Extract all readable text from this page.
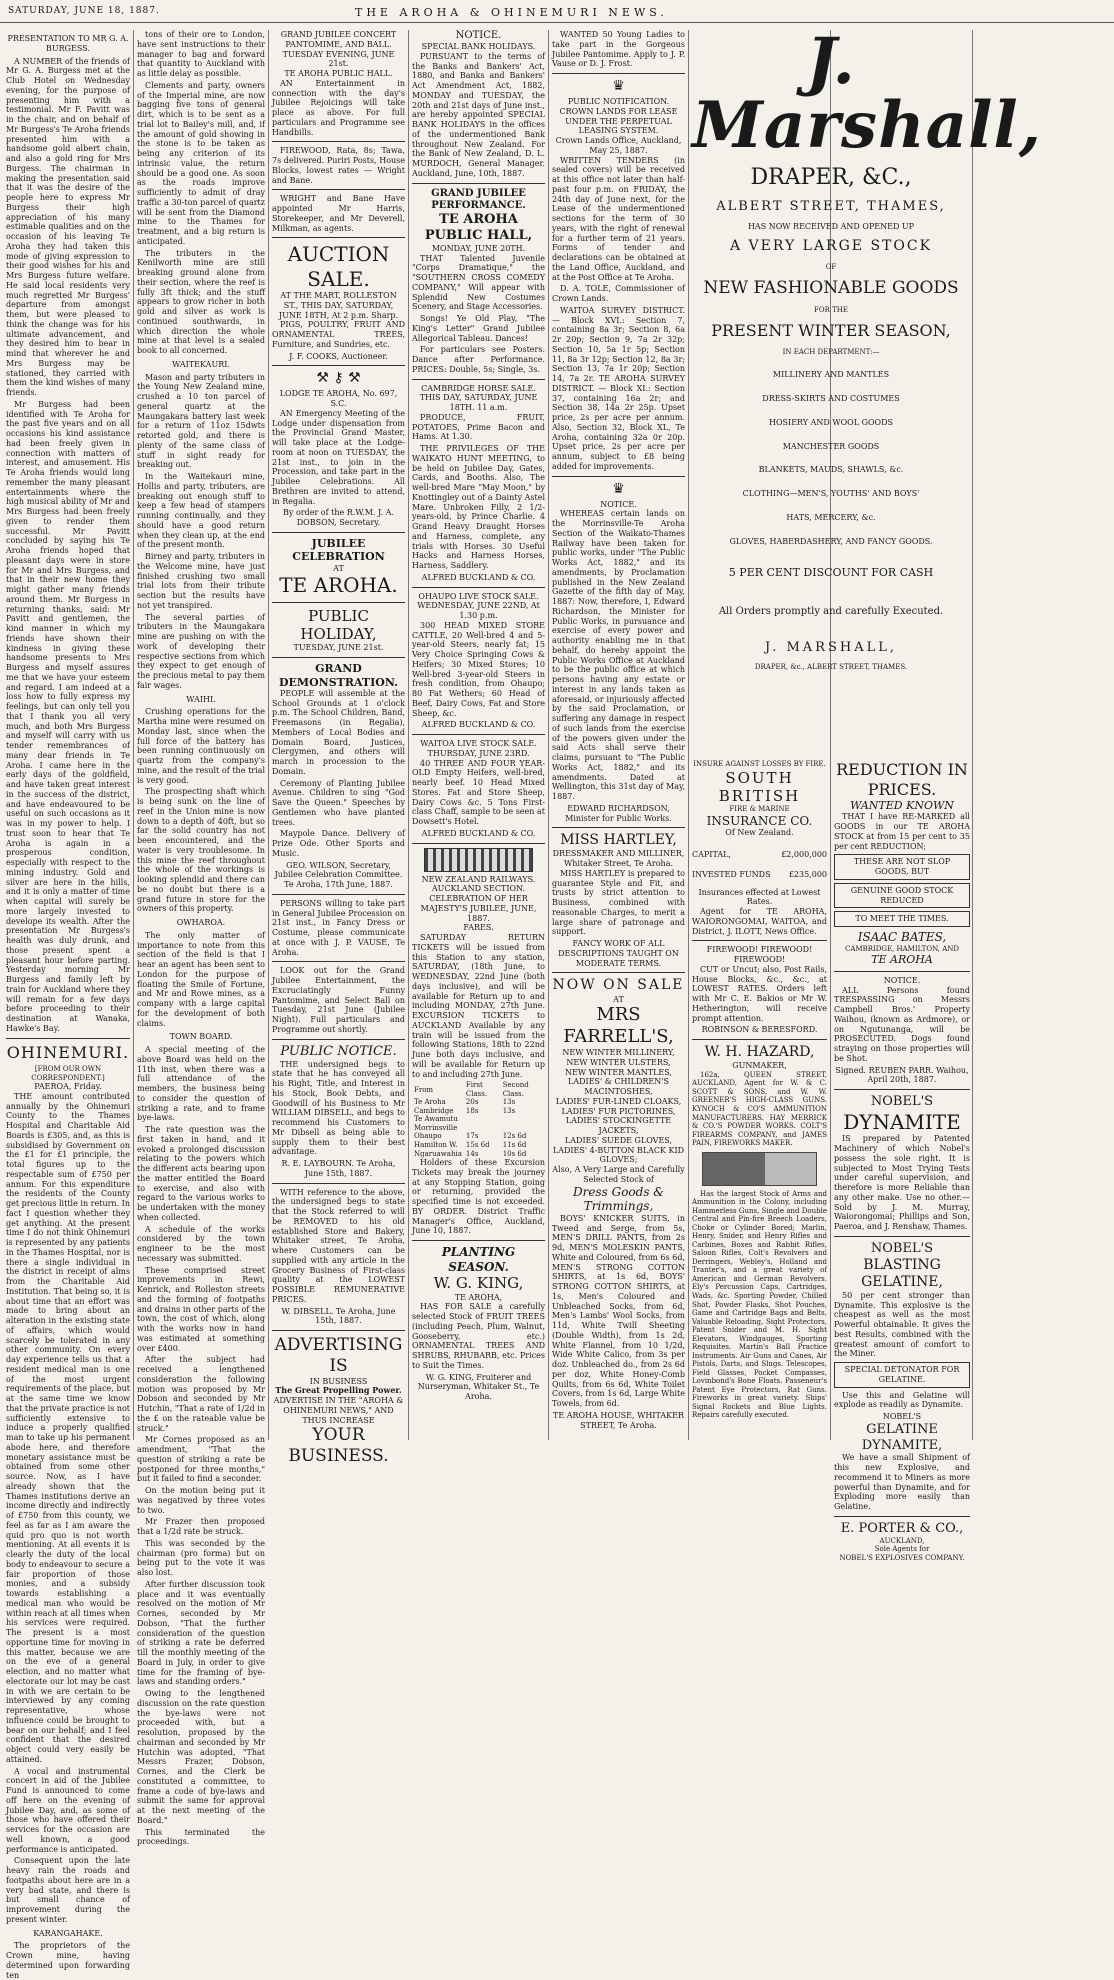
SATURDAY, JUNE 18, 1887.	THE AROHA & OHINEMURI NEWS.
PRESENTATION TO MR G. A. BURGESS.

A NUMBER of the friends of Mr G. A. Burgess met at the Club Hotel on Wednesday evening, for the purpose of presenting him with a testimonial. Mr F. Pavitt was in the chair, and on behalf of Mr Burgess's Te Aroha friends presented him with a handsome gold albert chain, and also a gold ring for Mrs Burgess. The chairman in making the presentation said that it was the desire of the people here to express Mr Burgess their high appreciation of his many estimable qualities and on the occasion of his leaving Te Aroha they had taken this mode of giving expression to their good wishes for his and Mrs Burgess future welfare. He said local residents very much regretted Mr Burgess' departure from amongst them, but were pleased to think the change was for his ultimate advancement, and they desired him to bear in mind that wherever he and Mrs Burgess may be stationed, they carried with them the kind wishes of many friends.

Mr Burgess had been identified with Te Aroha for the past five years and on all occasions his kind assistance had been freely given in connection with matters of interest, and amusement. His Te Aroha friends would long remember the many pleasant entertainments where the high musical ability of Mr and Mrs Burgess had been freely given to render them successful. Mr Pavitt concluded by saying his Te Aroha friends hoped that pleasant days were in store for Mr and Mrs Burgess, and that in their new home they might gather many friends around them. Mr Burgess in returning thanks, said: Mr Pavitt and gentlemen, the kind manner in which my friends have shown their kindness in giving these handsome presents to Mrs Burgess and myself assures me that we have your esteem and regard. I am indeed at a loss how to fully express my feelings, but can only tell you that I thank you all very much, and both Mrs Burgess and myself will carry with us tender remembrances of many dear friends in Te Aroha. I came here in the early days of the goldfield, and have taken great interest in the success of the district, and have endeavoured to be useful on such occasions as it was in my power to help. I trust soon to hear that Te Aroha is again in a prosperous condition, especially with respect to the mining industry. Gold and silver are here in the hills, and it is only a matter of time when capital will surely be more largely invested to develope its wealth. After the presentation Mr Burgess's health was duly drunk, and those present spent a pleasant hour before parting. Yesterday morning Mr Burgess and family left by train for Auckland where they will remain for a few days before proceeding to their destination at Wanaka, Hawke's Bay.

OHINEMURI.
[FROM OUR OWN CORRESPONDENT.]
PAEROA, Friday.

THE amount contributed annually by the Ohinemuri County to the Thames Hospital and Charitable Aid Boards is £305, and, as this is subsidised by Government on the £1 for £1 principle, the total figures up to the respectable sum of £750 per annum. For this expenditure the residents of the County get precious little in return. In fact I question whether they get anything. At the present time I do not think Ohinemuri is represented by any patients in the Thames Hospital, nor is there a single individual in the district in receipt of alms from the Charitable Aid Institution. That being so, it is about time that an effort was made to bring about an alteration in the existing state of affairs, which would scarcely be tolerated in any other community. On every day experience tells us that a resident medical man is one of the most urgent requirements of the place, but at the same time we know that the private practice is not sufficiently extensive to induce a properly qualified man to take up his permanent abode here, and therefore monetary assistance must be obtained from some other source. Now, as I have already shown that the Thames institutions derive an income directly and indirectly of £750 from this county, we feel as far as I am aware the quid pro quo is not worth mentioning. At all events it is clearly the duty of the local body to endeavour to secure a fair proportion of those monies, and a subsidy towards establishing a medical man who would be within reach at all times when his services were required. The present is a most opportune time for moving in this matter, because we are on the eve of a general election, and no matter what electorate our lot may be cast in with we are certain to be interviewed by any coming representative, whose influence could be brought to bear on our behalf; and I feel confident that the desired object could very easily be attained.

A vocal and instrumental concert in aid of the Jubilee Fund is announced to come off here on the evening of Jubilee Day, and, as some of those who have offered their services for the occasion are well known, a good performance is anticipated.

Consequent upon the late heavy rain the roads and footpaths about here are in a very bad state, and there is but small chance of improvement during the present winter.

KARANGAHAKE.

The proprietors of the Crown mine, having determined upon forwarding ten

tons of their ore to London, have sent instructions to their manager to bag and forward that quantity to Auckland with as little delay as possible.

Clements and party, owners of the Imperial mine, are now bagging five tons of general dirt, which is to be sent as a trial lot to Bailey's mill, and, if the amount of gold showing in the stone is to be taken as being any criterion of its intrinsic value, the return should be a good one. As soon as the roads improve sufficiently to admit of dray traffic a 30-ton parcel of quartz will be sent from the Diamond mine to the Thames for treatment, and a big return is anticipated.

The tributers in the Kenilworth mine are still breaking ground alone from their section, where the reef is fully 3ft thick; and the stuff appears to grow richer in both gold and silver as work is continued southwards, in which direction the whole mine at that level is a sealed book to all concerned.

WAITEKAURI.

Mason and party tributers in the Young New Zealand mine, crushed a 10 ton parcel of general quartz at the Maungakara battery last week for a return of 11oz 15dwts retorted gold, and there is plenty of the same class of stuff in sight ready for breaking out.

In the Waitekauri mine, Hollis and party, tributers, are breaking out enough stuff to keep a few head of stampers running continually, and they should have a good return when they clean up, at the end of the present month.

Birney and party, tributers in the Welcome mine, have just finished crushing two small trial lots from their tribute section but the results have not yet transpired.

The several parties of tributers in the Maungakara mine are pushing on with the work of developing their respective sections from which they expect to get enough of the precious metal to pay them fair wages.

WAIHI.

Crushing operations for the Martha mine were resumed on Monday last, since when the full force of the battery has been running continuously on quartz from the company's mine, and the result of the trial is very good.

The prospecting shaft which is being sunk on the line of reef in the Union mine is now down to a depth of 40ft, but so far the solid country has not been encountered, and the water is very troublesome. In this mine the reef throughout the whole of the workings is looking splendid and there can be no doubt but there is a grand future in store for the owners of this property.

OWHAROA.

The only matter of importance to note from this section of the field is that I hear an agent has been sent to London for the purpose of floating the Smile of Fortune, and Mr and Rowe mines, as a company with a large capital for the development of both claims.

TOWN BOARD.

A special meeting of the above Board was held on the 11th inst, when there was a full attendance of the members, the business being to consider the question of striking a rate, and to frame bye-laws.

The rate question was the first taken in hand, and it evoked a prolonged discussion relating to the powers which the different acts bearing upon the matter entitled the Board to exercise, and also with regard to the various works to be undertaken with the money when collected.

A schedule of the works considered by the town engineer to be the most necessary was submitted.

These comprised street improvements in Rewi, Kenrick, and Rolleston streets and the forming of footpaths and drains in other parts of the town, the cost of which, along with the works now in hand was estimated at something over £400.

After the subject had received a lengthened consideration the following motion was proposed by Mr Dobson and seconded by Mr Hutchin, "That a rate of 1/2d in the £ on the rateable value be struck."

Mr Cornes proposed as an amendment, "That the question of striking a rate be postponed for three months," but it failed to find a seconder.

On the motion being put it was negatived by three votes to two.

Mr Frazer then proposed that a 1/2d rate be struck.

This was seconded by the chairman (pro forma) but on being put to the vote it was also lost.

After further discussion took place and it was eventually resolved on the motion of Mr Cornes, seconded by Mr Dobson, "That the further consideration of the question of striking a rate be deferred till the monthly meeting of the Board in July, in order to give time for the framing of bye-laws and standing orders."

Owing to the lengthened discussion on the rate question the bye-laws were not proceeded with, but a resolution, proposed by the chairman and seconded by Mr Hutchin was adopted, "That Messrs Frazer, Dobson, Cornes, and the Clerk be constituted a committee, to frame a code of bye-laws and submit the same for approval at the next meeting of the Board."

This terminated the proceedings.

GRAND JUBILEE CONCERT PANTOMIME, AND BALL.
TUESDAY EVENING, JUNE 21st.
TE AROHA PUBLIC HALL.

AN Entertainment in connection with the day's Jubilee Rejoicings will take place as above. For full particulars and Programme see Handbills.

FIREWOOD, Rata, 8s; Tawa, 7s delivered. Puriri Posts, House Blocks, lowest rates — Wright and Bane.

WRIGHT and Bane Have appointed Mr Harris, Storekeeper, and Mr Deverell, Milkman, as agents.

AUCTION SALE.
AT THE MART, ROLLESTON ST., THIS DAY, SATURDAY, JUNE 18TH, At 2 p.m. Sharp.

PIGS, POULTRY, FRUIT AND ORNAMENTAL TREES, Furniture, and Sundries, etc.

J. F. COOKS, Auctioneer.
⚒ ⚷ ⚒
LODGE TE AROHA, No. 697, S.C.

AN Emergency Meeting of the Lodge under dispensation from the Provincial Grand Master, will take place at the Lodge-room at noon on TUESDAY, the 21st inst., to join in the Procession, and take part in the Jubilee Celebrations. All Brethren are invited to attend, in Regalia.

By order of the R.W.M. J. A. DOBSON, Secretary.
JUBILEE CELEBRATION
AT
TE AROHA.
PUBLIC HOLIDAY,
TUESDAY, JUNE 21st.
GRAND DEMONSTRATION.

PEOPLE will assemble at the School Grounds at 1 o'clock p.m. The School Children, Band, Freemasons (in Regalia), Members of Local Bodies and Domain Board, Justices, Clergymen, and others will march in procession to the Domain.

Ceremony of Planting Jubilee Avenue. Children to sing "God Save the Queen." Speeches by Gentlemen who have planted trees.

Maypole Dance. Delivery of Prize Ode. Other Sports and Music.

GEO. WILSON, Secretary, Jubilee Celebration Committee. Te Aroha, 17th June, 1887.

PERSONS willing to take part in General Jubilee Procession on 21st inst., in Fancy Dress or Costume, please communicate at once with J. P. VAUSE, Te Aroha.

LOOK out for the Grand Jubilee Entertainment, the Excruciatingly Funny Pantomime, and Select Ball on Tuesday, 21st June (Jubilee Night). Full particulars and Programme out shortly.

PUBLIC NOTICE.

THE undersigned begs to state that he has conveyed all his Right, Title, and Interest in his Stock, Book Debts, and Goodwill of his Business to Mr WILLIAM DIBSELL, and begs to recommend his Customers to Mr Dibsell as being able to supply them to their best advantage.

R. E. LAYBOURN. Te Aroha, June 15th, 1887.

WITH reference to the above, the undersigned begs to state that the Stock referred to will be REMOVED to his old established Store and Bakery, Whitaker street, Te Aroha, where Customers can be supplied with any article in the Grocery Business of First-class quality at the LOWEST POSSIBLE REMUNERATIVE PRICES.

W. DIBSELL. Te Aroha, June 15th, 1887.
ADVERTISING IS
IN BUSINESS
The Great Propelling Power.
ADVERTISE IN THE "AROHA & OHINEMURI NEWS," AND THUS INCREASE
YOUR BUSINESS.
NOTICE.
SPECIAL BANK HOLIDAYS.

PURSUANT to the terms of the Banks and Bankers' Act, 1880, and Banks and Bankers' Act Amendment Act, 1882, MONDAY and TUESDAY, the 20th and 21st days of June inst., are hereby appointed SPECIAL BANK HOLIDAYS in the offices of the undermentioned Bank throughout New Zealand. For the Bank of New Zealand, D. L. MURDOCH, General Manager. Auckland, June, 10th, 1887.

GRAND JUBILEE PERFORMANCE.
TE AROHA PUBLIC HALL,
MONDAY, JUNE 20TH.

THAT Talented Juvenile "Corps Dramatique," the "SOUTHERN CROSS COMEDY COMPANY," Will appear with Splendid New Costumes Scenery, and Stage Accessories.

Songs! Ye Old Play, "The King's Letter" Grand Jubilee Allegorical Tableau. Dances!

For particulars see Posters. Dance after Performance. PRICES: Double, 5s; Single, 3s.

CAMBRIDGE HORSE SALE.
THIS DAY, SATURDAY, JUNE 18TH. 11 a.m.

PRODUCE, FRUIT, POTATOES, Prime Bacon and Hams. At 1.30.

THE PRIVILEGES OF THE WAIKATO HUNT MEETING, to be held on Jubilee Day, Gates, Cards, and Booths. Also, The well-bred Mare "May Moon," by Knottingley out of a Dainty Astel Mare. Unbroken Filly, 2 1/2-years-old, by Prince Charlie. 4 Grand Heavy Draught Horses and Harness, complete, any trials with Horses. 30 Useful Hacks and Harness Horses, Harness, Saddlery.

ALFRED BUCKLAND & CO.
OHAUPO LIVE STOCK SALE.
WEDNESDAY, JUNE 22ND, At 1.30 p.m.

300 HEAD MIXED STORE CATTLE, 20 Well-bred 4 and 5-year-old Steers, nearly fat; 15 Very Choice Springing Cows & Heifers; 30 Mixed Stores; 10 Well-bred 3-year-old Steers in fresh condition, from Ohaupo; 80 Fat Wethers; 60 Head of Beef, Dairy Cows, Fat and Store Sheep, &c.

ALFRED BUCKLAND & CO.
WAITOA LIVE STOCK SALE.
THURSDAY, JUNE 23RD.

40 THREE AND FOUR YEAR-OLD Empty Heifers, well-bred, nearly beef. 10 Head Mixed Stores. Fat and Store Sheep, Dairy Cows &c. 5 Tons First-class Chaff, sample to be seen at Dowsett's Hotel.

ALFRED BUCKLAND & CO.
NEW ZEALAND RAILWAYS.
AUCKLAND SECTION.
CELEBRATION OF HER MAJESTY'S JUBILEE, JUNE, 1887.
FARES.

SATURDAY RETURN TICKETS will be issued from this Station to any station, SATURDAY, (18th June, to WEDNESDAY, 22nd June (both days inclusive), and will be available for Return up to and including MONDAY, 27th June. EXCURSION TICKETS to AUCKLAND Available by any train will be issued from the following Stations, 18th to 22nd June both days inclusive, and will be available for Return up to and including 27th June.

From	First Class.	Second Class.
Te Aroha	20s	13s
Cambridge	18s	13s
Te Awamutu		
Morrinsville		
Ohaupo	17s	12s 6d
Hamilton W.	15s 6d	11s 6d
Ngaruawahia	14s	10s 6d

Holders of these Excursion Tickets may break the journey at any Stopping Station, going or returning, provided the specified time is not exceeded. BY ORDER. District Traffic Manager's Office, Auckland, June 10, 1887.

PLANTING SEASON.
W. G. KING,
TE AROHA,

HAS FOR SALE a carefully selected Stock of FRUIT TREES (including Peach, Plum, Walnut, Gooseberry, etc.) ORNAMENTAL TREES AND SHRUBS, RHUBARB, etc. Prices to Suit the Times.

W. G. KING, Fruiterer and Nurseryman, Whitaker St., Te Aroha.

WANTED 50 Young Ladies to take part in the Gorgeous Jubilee Pantomime. Apply to J. P. Vause or D. J. Frost.

♛
PUBLIC NOTIFICATION.
CROWN LANDS FOR LEASE UNDER THE PERPETUAL LEASING SYSTEM.
Crown Lands Office, Auckland, May 25, 1887.

WRITTEN TENDERS (in sealed covers) will be received at this office not later than half-past four p.m. on FRIDAY, the 24th day of June next, for the Lease of the undermentioned sections for the term of 30 years, with the right of renewal for a further term of 21 years. Forms of tender and declarations can be obtained at the Land Office, Auckland, and at the Post Office at Te Aroha.

D. A. TOLE, Commissioner of Crown Lands.

WAITOA SURVEY DISTRICT. — Block XVI.: Section 7, containing 8a 3r; Section 8, 6a 2r 20p; Section 9, 7a 2r 32p; Section 10, 5a 1r 5p; Section 11, 8a 3r 12p; Section 12, 8a 3r; Section 13, 7a 1r 20p; Section 14, 7a 2r. TE AROHA SURVEY DISTRICT. — Block XI.: Section 37, containing 16a 2r; and Section 38, 14a 2r 25p. Upset price, 2s per acre per annum. Also, Section 32, Block XL, Te Aroha, containing 32a 0r 20p. Upset price, 2s per acre per annum, subject to £8 being added for improvements.

♛
NOTICE.

WHEREAS certain lands on the Morrinsville-Te Aroha Section of the Waikato-Thames Railway have been taken for public works, under "The Public Works Act, 1882," and its amendments, by Proclamation published in the New Zealand Gazette of the fifth day of May, 1887: Now, therefore, I, Edward Richardson, the Minister for Public Works, in pursuance and exercise of every power and authority enabling me in that behalf, do hereby appoint the Public Works Office at Auckland to be the public office at which persons having any estate or interest in any lands taken as aforesaid, or injuriously affected by the said Proclamation, or suffering any damage in respect of such lands from the exercise of the powers given under the said Acts shall serve their claims, pursuant to "The Public Works Act, 1882," and its amendments. Dated at Wellington, this 31st day of May, 1887.

EDWARD RICHARDSON, Minister for Public Works.
MISS HARTLEY,
DRESSMAKER AND MILLINER, Whitaker Street, Te Aroha.

MISS HARTLEY is prepared to guarantee Style and Fit, and trusts by strict attention to Business, combined with reasonable Charges, to merit a large share of patronage and support.

FANCY WORK OF ALL DESCRIPTIONS TAUGHT ON MODERATE TERMS.
NOW ON SALE
AT
MRS FARRELL'S,
NEW WINTER MILLINERY,
NEW WINTER ULSTERS,
NEW WINTER MANTLES,
LADIES' & CHILDREN'S MACINTOSHES,
LADIES' FUR-LINED CLOAKS,
LADIES' FUR PICTORINES,
LADIES' STOCKINGETTE JACKETS,
LADIES' SUEDE GLOVES,
LADIES' 4-BUTTON BLACK KID GLOVES;
Also, A Very Large and Carefully Selected Stock of
Dress Goods & Trimmings,

BOYS' KNICKER SUITS, in Tweed and Serge, from 5s, MEN'S DRILL PANTS, from 2s 9d, MEN'S MOLESKIN PANTS, White and Coloured, from 6s 6d, MEN'S STRONG COTTON SHIRTS, at 1s 6d, BOYS' STRONG COTTON SHIRTS, at 1s, Men's Coloured and Unbleached Socks, from 6d, Men's Lambs' Wool Socks, from 11d, White Twill Sheeting (Double Width), from 1s 2d, White Flannel, from 10 1/2d, Wide White Calico, from 3s per doz. Unbleached do., from 2s 6d per doz, White Honey-Comb Quilts, from 6s 6d, White Toilet Covers, from 1s 6d, Large White Towels, from 6d.

TE AROHA HOUSE, WHITAKER STREET, Te Aroha.
J. Marshall,
DRAPER, &C.,
ALBERT STREET, THAMES,
HAS NOW RECEIVED AND OPENED UP
A VERY LARGE STOCK
OF
NEW FASHIONABLE GOODS
FOR THE
PRESENT WINTER SEASON,
IN EACH DEPARTMENT:—
MILLINERY AND MANTLES
DRESS-SKIRTS AND COSTUMES
HOSIERY AND WOOL GOODS
MANCHESTER GOODS
BLANKETS, MAUDS, SHAWLS, &c.
CLOTHING—MEN'S, YOUTHS' AND BOYS'
HATS, MERCERY, &c.
GLOVES, HABERDASHERY, AND FANCY GOODS.
5 PER CENT DISCOUNT FOR CASH
All Orders promptly and carefully Executed.
J. MARSHALL,
DRAPER, &c., ALBERT STREET, THAMES.
INSURE AGAINST LOSSES BY FIRE.
SOUTH BRITISH
FIRE & MARINE
INSURANCE CO.
Of New Zealand.
CAPITAL,	£2,000,000
INVESTED FUNDS £235,000
Insurances effected at Lowest Rates.

Agent for TE AROHA, WAIORONGOMAI, WAITOA, and District, J. ILOTT, News Office.

FIREWOOD! FIREWOOD! FIREWOOD!

CUT or Uncut; also, Post Rails, House Blocks, &c., &c., at LOWEST RATES. Orders left with Mr C. E. Bakios or Mr W. Hetherington, will receive prompt attention.

ROBINSON & BERESFORD.
W. H. HAZARD,
GUNMAKER,

162a, QUEEN STREET, AUCKLAND, Agent for W. & C. SCOTT & SONS, and W. W. GREENER'S HIGH-CLASS GUNS. KYNOCH & CO'S AMMUNITION MANUFACTURERS. HAY MERRICK & CO.'S POWDER WORKS. COLT'S FIREARMS COMPANY, and JAMES PAIN, FIREWORKS MAKER.

Has the largest Stock of Arms and Ammunition in the Colony, including Hammerless Guns, Single and Double Central and Pin-fire Breech Loaders, Choke or Cylinder Bored; Marlin, Henry, Snider, and Henry Rifles and Carbines, Boxes and Rabbit Rifles, Saloon Rifles, Colt's Revolvers and Derringers, Webley's, Holland and Tranter's, and a great variety of American and German Revolvers. Ely's Percussion Caps, Cartridges, Wads, &c. Sporting Powder, Chilled Shot, Powder Flasks, Shot Pouches, Game and Cartridge Bags and Belts, Valuable Reloading, Sight Protectors, Patent Snider and M. H. Sight Elevators, Windgauges, Sporting Requisites. Martin's Ball Practice Instruments. Air Guns and Canes, Air Pistols, Darts, and Slugs. Telescopes, Field Glasses, Pocket Compasses, Lovinbond's Bone Floats. Passeneur's Patent Eye Protectors, Rat Guns. Fireworks in great variety. Ships' Signal Rockets and Blue Lights. Repairs carefully executed.

REDUCTION IN PRICES.
WANTED KNOWN

THAT I have RE-MARKED all GOODS in our TE AROHA STOCK at from 15 per cent to 35 per cent REDUCTION;

THESE ARE NOT SLOP GOODS, BUT
GENUINE GOOD STOCK REDUCED
TO MEET THE TIMES.
ISAAC BATES,
CAMBRIDGE, HAMILTON, AND
TE AROHA
NOTICE.

ALL Persons found TRESPASSING on Messrs Campbell Bros.' Property Waihou, (known as Ardmore), or on Ngutunanga, will be PROSECUTED. Dogs found straying on those properties will be Shot.

Signed. REUBEN PARR. Waihou, April 20th, 1887.
NOBEL'S
DYNAMITE

IS prepared by Patented Machinery of which Nobel's possess the sole right. It is subjected to Most Trying Tests under careful supervision, and therefore is more Reliable than any other make. Use no other.—Sold by J. M. Murray, Waiorongomai; Phillips and Son, Paeroa, and J. Renshaw, Thames.

NOBEL'S
BLASTING GELATINE,

50 per cent stronger than Dynamite. This explosive is the cheapest as well as the most Powerful obtainable. It gives the best Results, combined with the greatest amount of comfort to the Miner.

SPECIAL DETONATOR FOR GELATINE.

Use this and Gelatine will explode as readily as Dynamite.

NOBEL'S
GELATINE DYNAMITE,

We have a small Shipment of this new Explosive, and recommend it to Miners as more powerful than Dynamite, and for Exploding more easily than Gelatine.

E. PORTER & CO.,
AUCKLAND,
Sole Agents for
NOBEL'S EXPLOSIVES COMPANY.
